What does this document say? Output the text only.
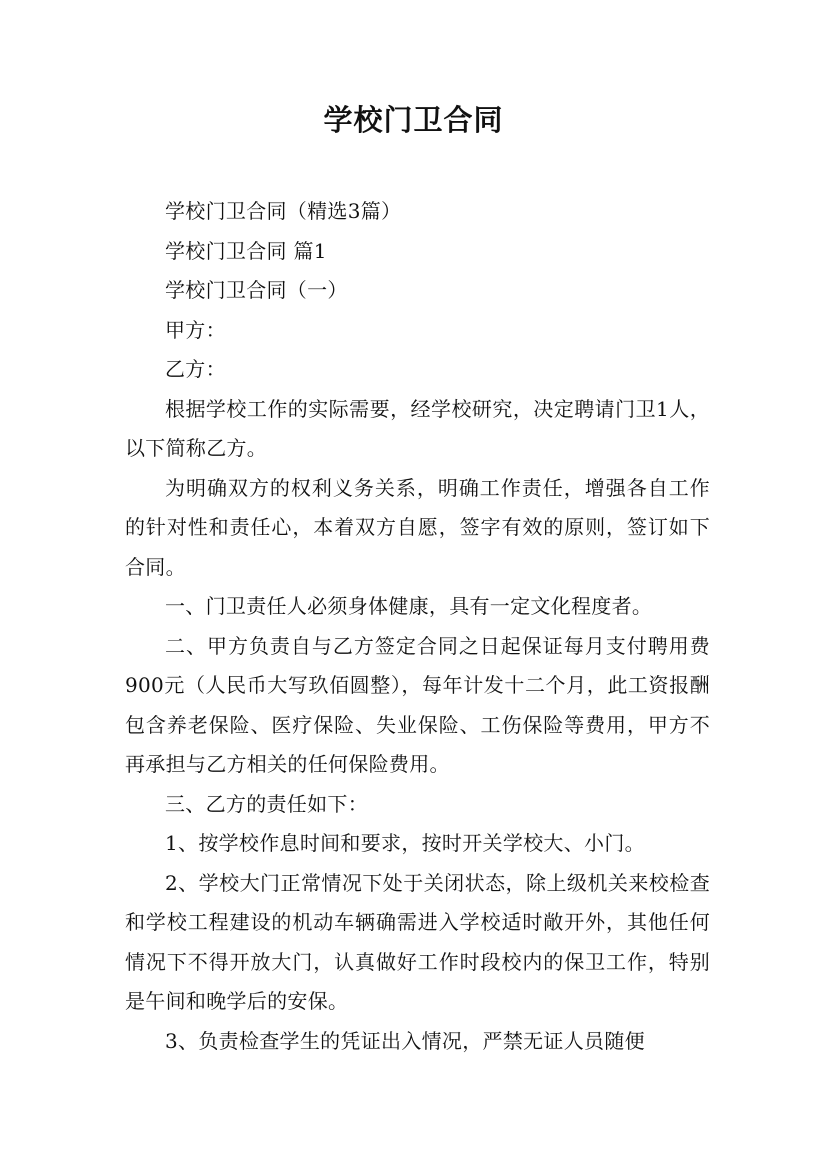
学校门卫合同

学校门卫合同（精选3篇）

学校门卫合同 篇1

学校门卫合同（一）

甲方：

乙方：

根据学校工作的实际需要，经学校研究，决定聘请门卫1人，以下简称乙方。

为明确双方的权利义务关系，明确工作责任，增强各自工作的针对性和责任心，本着双方自愿，签字有效的原则，签订如下合同。

一、门卫责任人必须身体健康，具有一定文化程度者。

二、甲方负责自与乙方签定合同之日起保证每月支付聘用费900元（人民币大写玖佰圆整），每年计发十二个月，此工资报酬包含养老保险、医疗保险、失业保险、工伤保险等费用，甲方不再承担与乙方相关的任何保险费用。

三、乙方的责任如下：

1、按学校作息时间和要求，按时开关学校大、小门。

2、学校大门正常情况下处于关闭状态，除上级机关来校检查和学校工程建设的机动车辆确需进入学校适时敞开外，其他任何情况下不得开放大门，认真做好工作时段校内的保卫工作，特别是午间和晚学后的安保。

3、负责检查学生的凭证出入情况，严禁无证人员随便
